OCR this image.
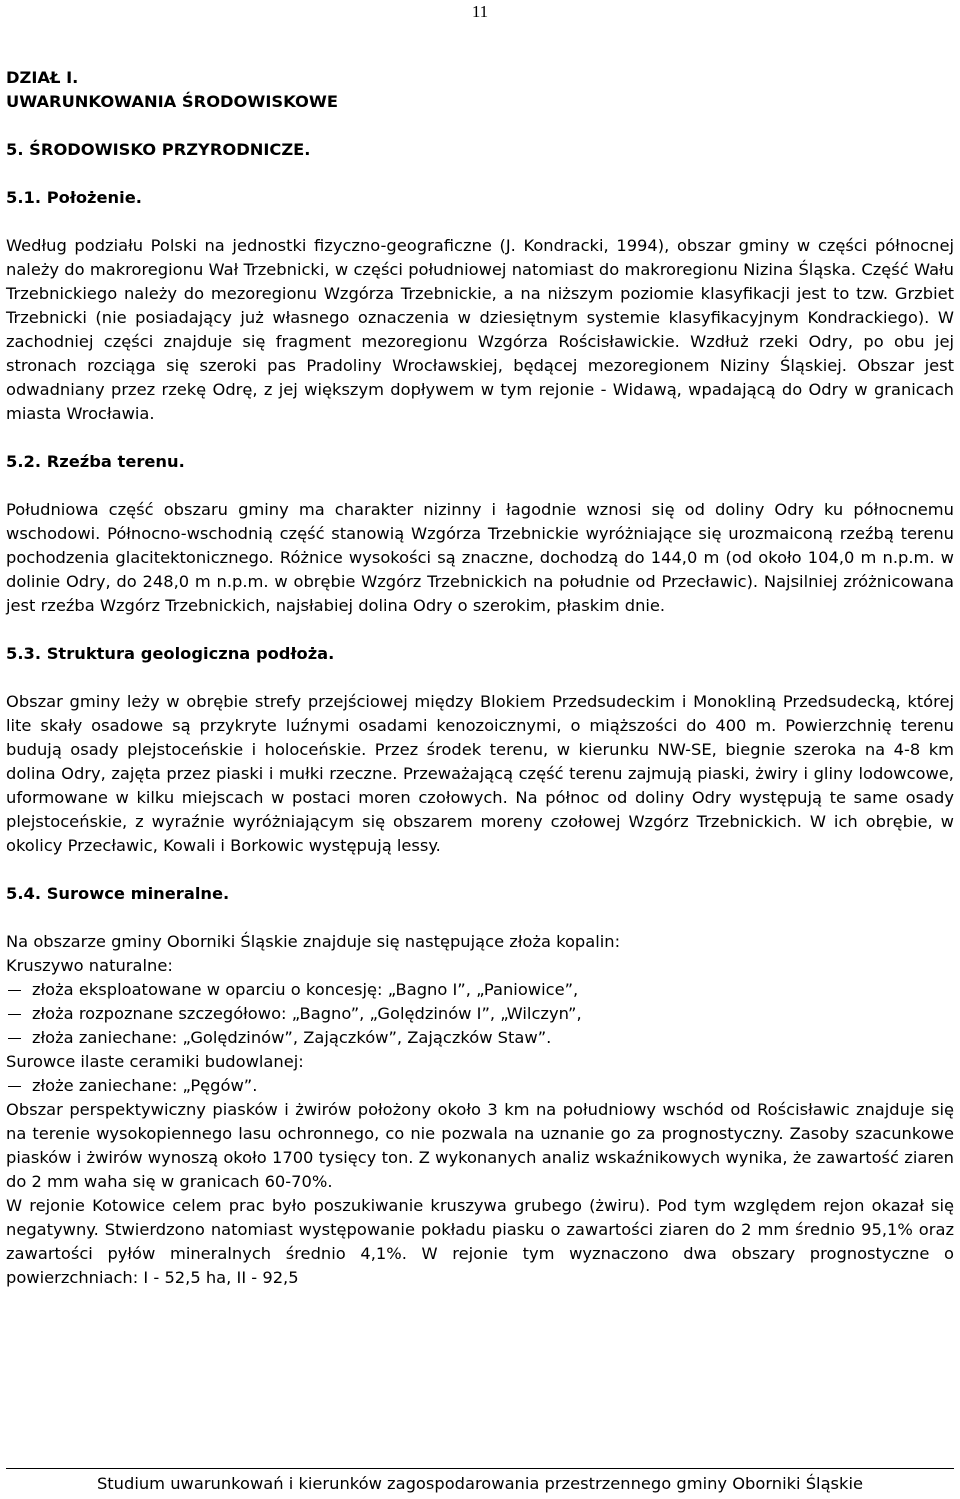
11
DZIAŁ I.
UWARUNKOWANIA ŚRODOWISKOWE
5. ŚRODOWISKO PRZYRODNICZE.
5.1. Położenie.

Według podziału Polski na jednostki fizyczno-geograficzne (J. Kondracki, 1994), obszar gminy w części północnej należy do makroregionu Wał Trzebnicki, w części południowej natomiast do makroregionu Nizina Śląska. Część Wału Trzebnickiego należy do mezoregionu Wzgórza Trzebnickie, a na niższym poziomie klasyfikacji jest to tzw. Grzbiet Trzebnicki (nie posiadający już własnego oznaczenia w dziesiętnym systemie klasyfikacyjnym Kondrackiego). W zachodniej części znajduje się fragment mezoregionu Wzgórza Rościsławickie. Wzdłuż rzeki Odry, po obu jej stronach rozciąga się szeroki pas Pradoliny Wrocławskiej, będącej mezoregionem Niziny Śląskiej. Obszar jest odwadniany przez rzekę Odrę, z jej większym dopływem w tym rejonie - Widawą, wpadającą do Odry w granicach miasta Wrocławia.

5.2. Rzeźba terenu.

Południowa część obszaru gminy ma charakter nizinny i łagodnie wznosi się od doliny Odry ku północnemu wschodowi. Północno-wschodnią część stanowią Wzgórza Trzebnickie wyróżniające się urozmaiconą rzeźbą terenu pochodzenia glacitektonicznego. Różnice wysokości są znaczne, dochodzą do 144,0 m (od około 104,0 m n.p.m. w dolinie Odry, do 248,0 m n.p.m. w obrębie Wzgórz Trzebnickich na południe od Przecławic). Najsilniej zróżnicowana jest rzeźba Wzgórz Trzebnickich, najsłabiej dolina Odry o szerokim, płaskim dnie.

5.3. Struktura geologiczna podłoża.

Obszar gminy leży w obrębie strefy przejściowej między Blokiem Przedsudeckim i Monokliną Przedsudecką, której lite skały osadowe są przykryte luźnymi osadami kenozoicznymi, o miąższości do 400 m. Powierzchnię terenu budują osady plejstoceńskie i holoceńskie. Przez środek terenu, w kierunku NW-SE, biegnie szeroka na 4-8 km dolina Odry, zajęta przez piaski i mułki rzeczne. Przeważającą część terenu zajmują piaski, żwiry i gliny lodowcowe, uformowane w kilku miejscach w postaci moren czołowych. Na północ od doliny Odry występują te same osady plejstoceńskie, z wyraźnie wyróżniającym się obszarem moreny czołowej Wzgórz Trzebnickich. W ich obrębie, w okolicy Przecławic, Kowali i Borkowic występują lessy.

5.4. Surowce mineralne.

Na obszarze gminy Oborniki Śląskie znajduje się następujące złoża kopalin:

Kruszywo naturalne:

złoża eksploatowane w oparciu o koncesję: „Bagno I”, „Paniowice”,
złoża rozpoznane szczegółowo: „Bagno”, „Golędzinów I”, „Wilczyn”,
złoża zaniechane: „Golędzinów”, Zajączków”, Zajączków Staw”.

Surowce ilaste ceramiki budowlanej:

złoże zaniechane: „Pęgów”.

Obszar perspektywiczny piasków i żwirów położony około 3 km na południowy wschód od Rościsławic znajduje się na terenie wysokopiennego lasu ochronnego, co nie pozwala na uznanie go za prognostyczny. Zasoby szacunkowe piasków i żwirów wynoszą około 1700 tysięcy ton. Z wykonanych analiz wskaźnikowych wynika, że zawartość ziaren do 2 mm waha się w granicach 60-70%.

W rejonie Kotowice celem prac było poszukiwanie kruszywa grubego (żwiru). Pod tym względem rejon okazał się negatywny. Stwierdzono natomiast występowanie pokładu piasku o zawartości ziaren do 2 mm średnio 95,1% oraz zawartości pyłów mineralnych średnio 4,1%. W rejonie tym wyznaczono dwa obszary prognostyczne o powierzchniach: I - 52,5 ha, II - 92,5

Studium uwarunkowań i kierunków zagospodarowania przestrzennego gminy Oborniki Śląskie
